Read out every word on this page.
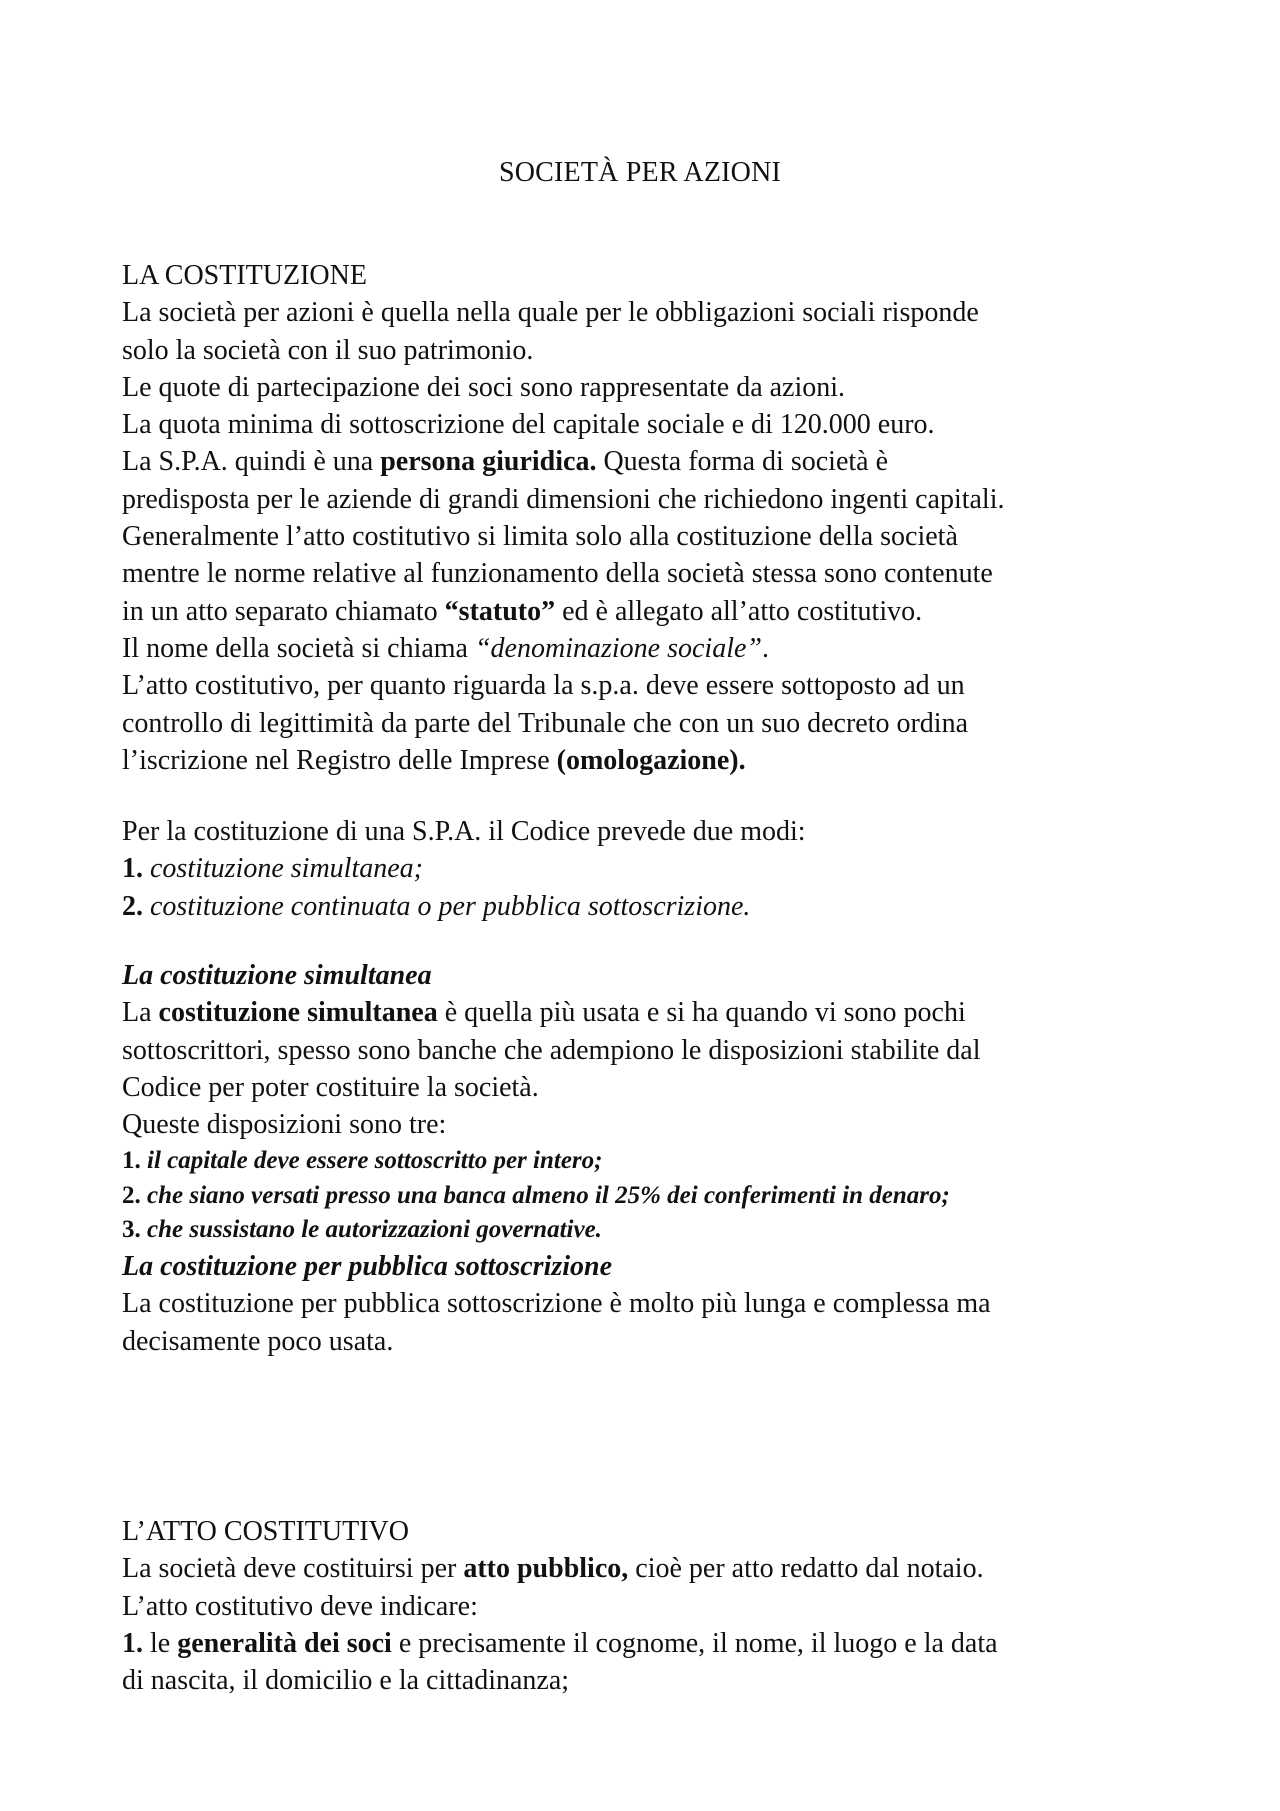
SOCIETÀ PER AZIONI
LA COSTITUZIONE
La società per azioni è quella nella quale per le obbligazioni sociali risponde
solo la società con il suo patrimonio.
Le quote di partecipazione dei soci sono rappresentate da azioni.
La quota minima di sottoscrizione del capitale sociale e di 120.000 euro.
La S.P.A. quindi è una persona giuridica. Questa forma di società è
predisposta per le aziende di grandi dimensioni che richiedono ingenti capitali.
Generalmente l’atto costitutivo si limita solo alla costituzione della società
mentre le norme relative al funzionamento della società stessa sono contenute
in un atto separato chiamato “statuto” ed è allegato all’atto costitutivo.
Il nome della società si chiama “denominazione sociale”.
L’atto costitutivo, per quanto riguarda la s.p.a. deve essere sottoposto ad un
controllo di legittimità da parte del Tribunale che con un suo decreto ordina
l’iscrizione nel Registro delle Imprese (omologazione).
Per la costituzione di una S.P.A. il Codice prevede due modi:
1. costituzione simultanea;
2. costituzione continuata o per pubblica sottoscrizione.
La costituzione simultanea
La costituzione simultanea è quella più usata e si ha quando vi sono pochi
sottoscrittori, spesso sono banche che adempiono le disposizioni stabilite dal
Codice per poter costituire la società.
Queste disposizioni sono tre:
1. il capitale deve essere sottoscritto per intero;
2. che siano versati presso una banca almeno il 25% dei conferimenti in denaro;
3. che sussistano le autorizzazioni governative.
La costituzione per pubblica sottoscrizione
La costituzione per pubblica sottoscrizione è molto più lunga e complessa ma
decisamente poco usata.
L’ATTO COSTITUTIVO
La società deve costituirsi per atto pubblico, cioè per atto redatto dal notaio.
L’atto costitutivo deve indicare:
1. le generalità dei soci e precisamente il cognome, il nome, il luogo e la data
di nascita, il domicilio e la cittadinanza;
